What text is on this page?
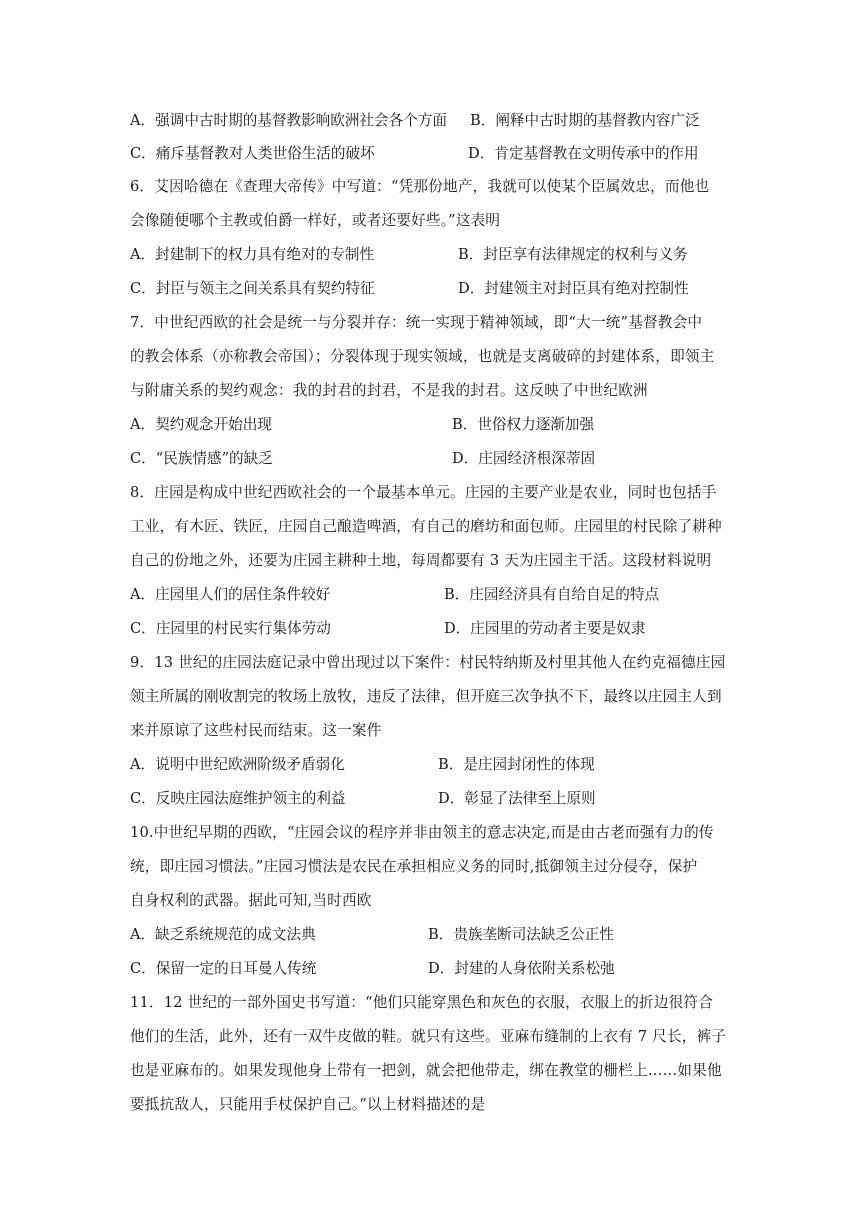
A．强调中古时期的基督教影响欧洲社会各个方面 B．阐释中古时期的基督教内容广泛
C．痛斥基督教对人类世俗生活的破坏	D．肯定基督教在文明传承中的作用
6．艾因哈德在《查理大帝传》中写道：“凭那份地产，我就可以使某个臣属效忠，而他也
会像随便哪个主教或伯爵一样好，或者还要好些。”这表明
A．封建制下的权力具有绝对的专制性	B．封臣享有法律规定的权利与义务
C．封臣与领主之间关系具有契约特征	D．封建领主对封臣具有绝对控制性
7．中世纪西欧的社会是统一与分裂并存：统一实现于精神领域，即“大一统”基督教会中
的教会体系（亦称教会帝国）；分裂体现于现实领域，也就是支离破碎的封建体系，即领主
与附庸关系的契约观念：我的封君的封君，不是我的封君。这反映了中世纪欧洲
A．契约观念开始出现	B．世俗权力逐渐加强
C．“民族情感”的缺乏	D．庄园经济根深蒂固
8．庄园是构成中世纪西欧社会的一个最基本单元。庄园的主要产业是农业，同时也包括手
工业，有木匠、铁匠，庄园自己酿造啤酒，有自己的磨坊和面包师。庄园里的村民除了耕种
自己的份地之外，还要为庄园主耕种土地，每周都要有 3 天为庄园主干活。这段材料说明
A．庄园里人们的居住条件较好	B．庄园经济具有自给自足的特点
C．庄园里的村民实行集体劳动	D．庄园里的劳动者主要是奴隶
9．13 世纪的庄园法庭记录中曾出现过以下案件：村民特纳斯及村里其他人在约克福德庄园
领主所属的刚收割完的牧场上放牧，违反了法律，但开庭三次争执不下，最终以庄园主人到
来并原谅了这些村民而结束。这一案件
A．说明中世纪欧洲阶级矛盾弱化	B．是庄园封闭性的体现
C．反映庄园法庭维护领主的利益	D．彰显了法律至上原则
10.中世纪早期的西欧，“庄园会议的程序并非由领主的意志决定,而是由古老而强有力的传
统，即庄园习惯法。”庄园习惯法是农民在承担相应义务的同时,抵御领主过分侵夺，保护
自身权利的武器。据此可知,当时西欧
A．缺乏系统规范的成文法典	B．贵族垄断司法缺乏公正性
C．保留一定的日耳曼人传统	D．封建的人身依附关系松弛
11．12 世纪的一部外国史书写道：“他们只能穿黑色和灰色的衣服，衣服上的折边很符合
他们的生活，此外，还有一双牛皮做的鞋。就只有这些。亚麻布缝制的上衣有 7 尺长，裤子
也是亚麻布的。如果发现他身上带有一把剑，就会把他带走，绑在教堂的栅栏上……如果他
要抵抗敌人，只能用手杖保护自己。”以上材料描述的是
